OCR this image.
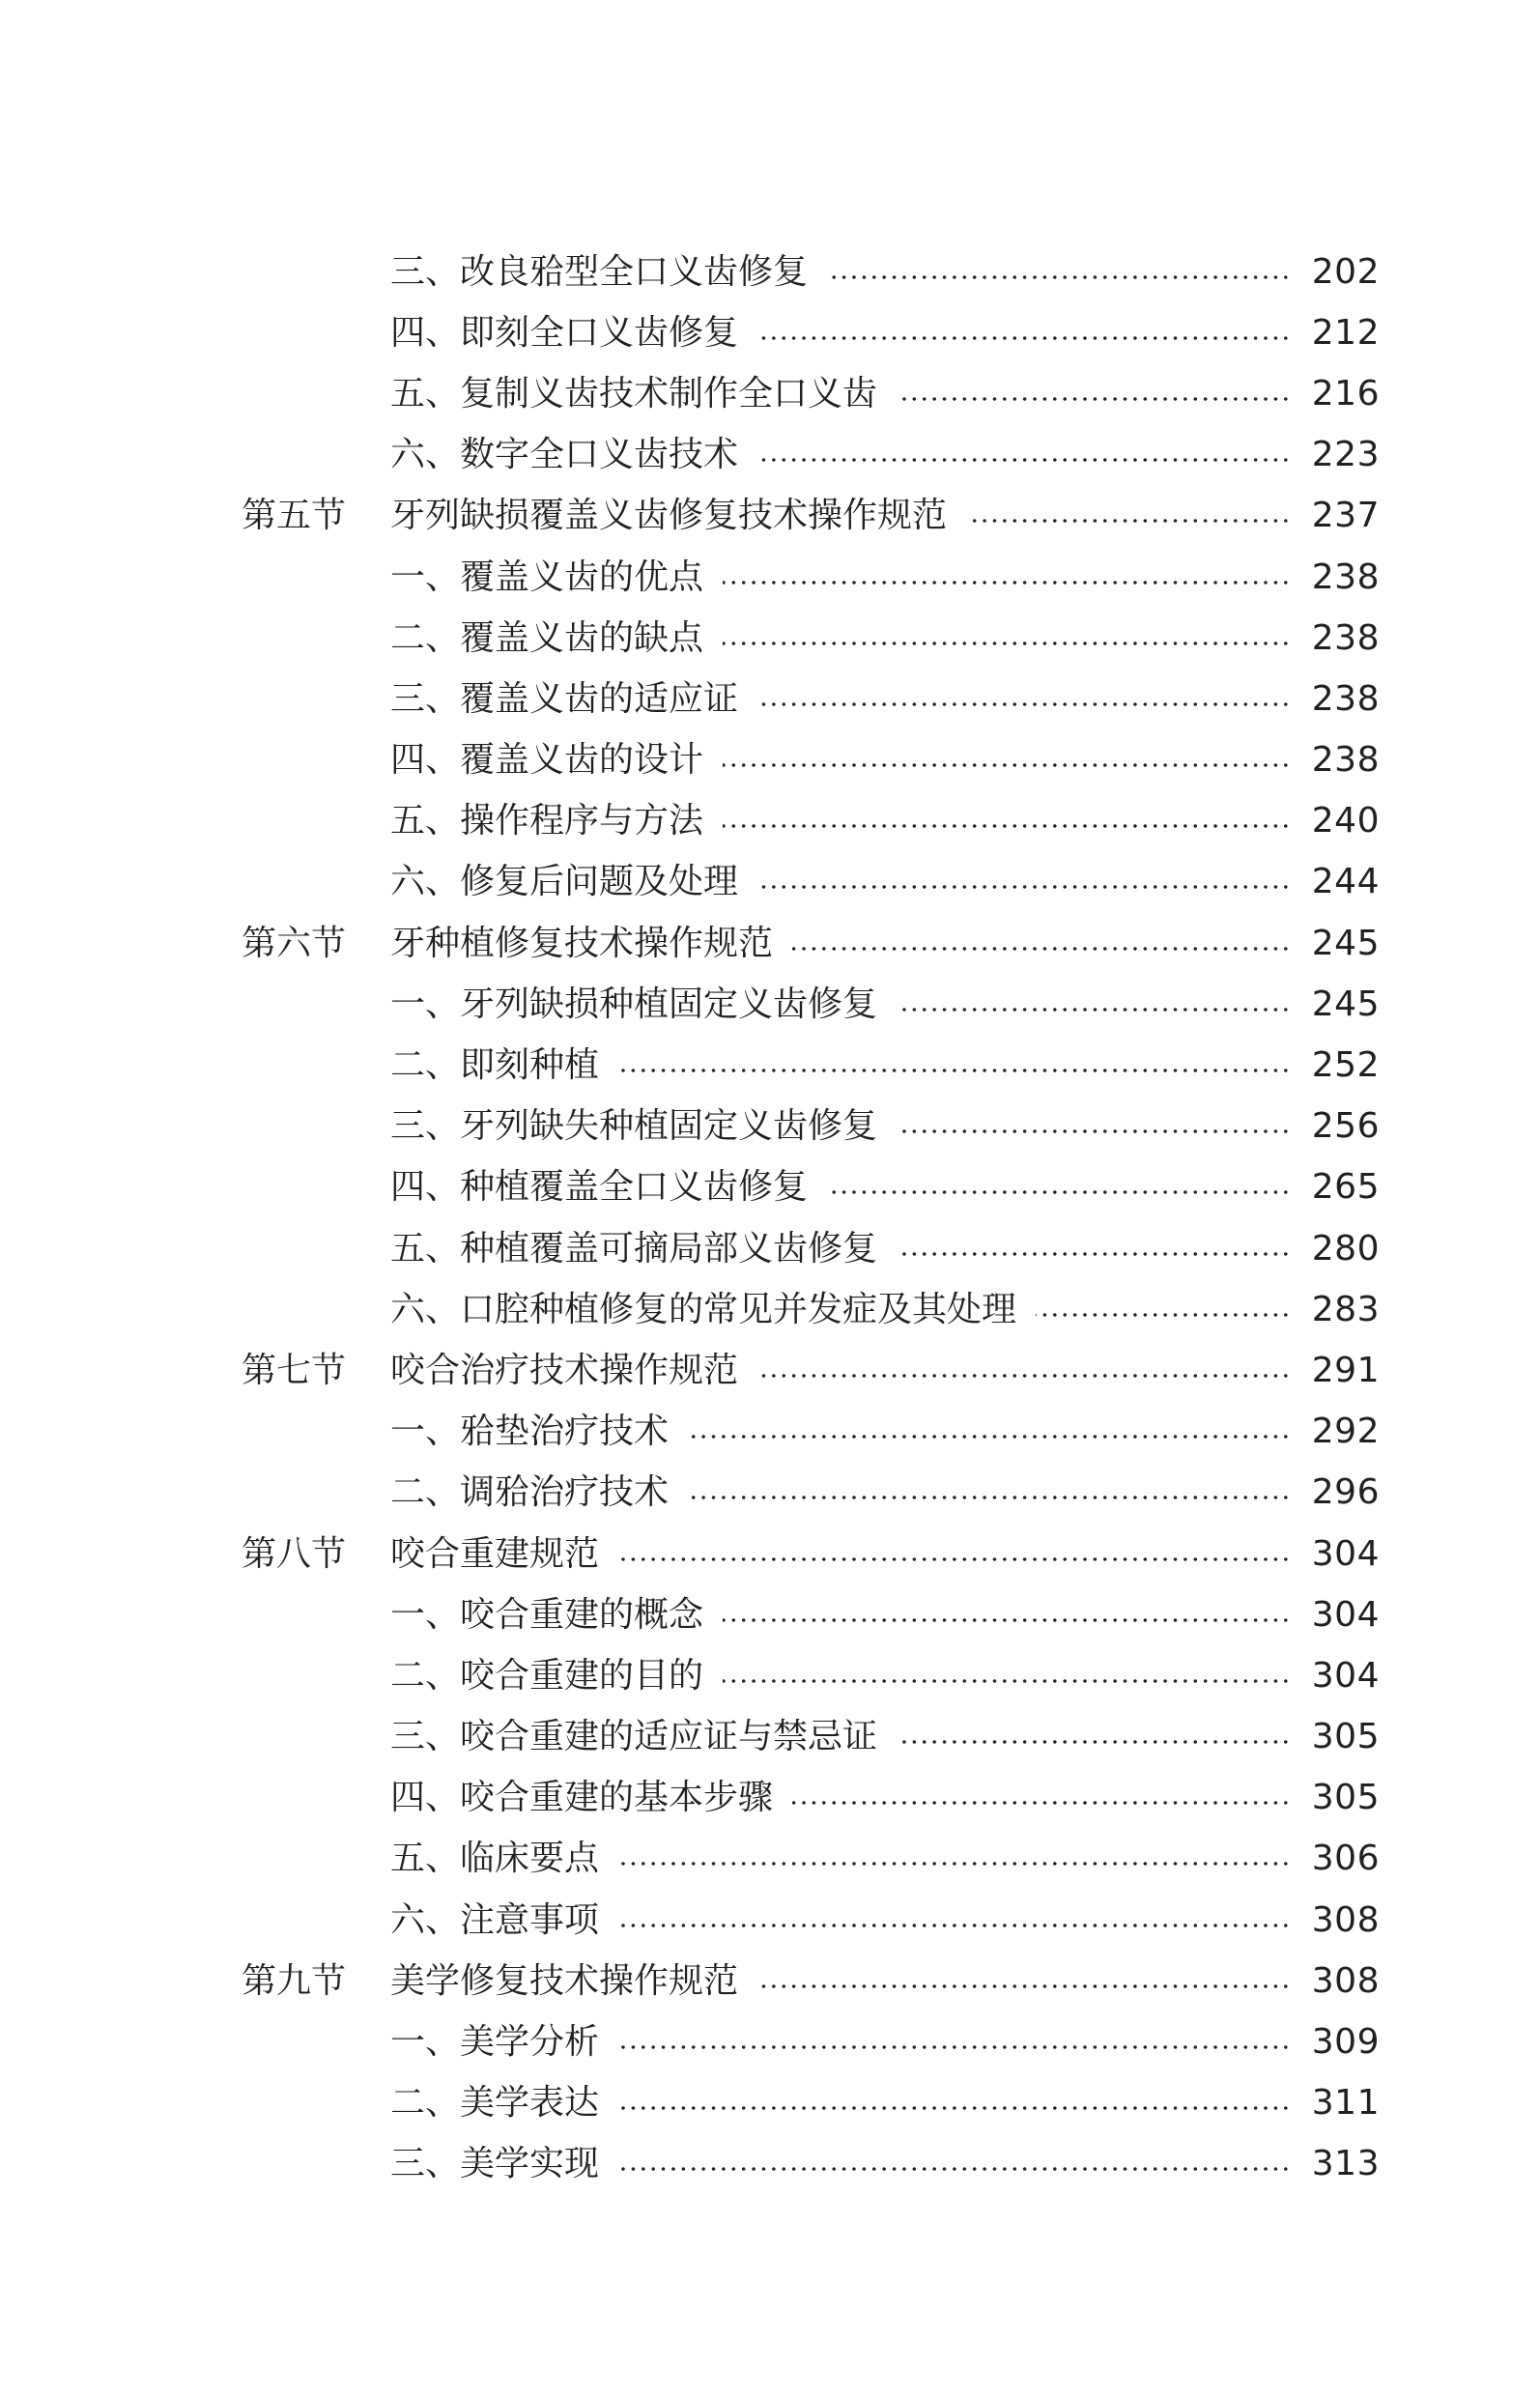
三、改良𬌗型全口义齿修复	202
四、即刻全口义齿修复	212
五、复制义齿技术制作全口义齿	216
六、数字全口义齿技术	223
第五节	牙列缺损覆盖义齿修复技术操作规范	237
一、覆盖义齿的优点	238
二、覆盖义齿的缺点	238
三、覆盖义齿的适应证	238
四、覆盖义齿的设计	238
五、操作程序与方法	240
六、修复后问题及处理	244
第六节	牙种植修复技术操作规范	245
一、牙列缺损种植固定义齿修复	245
二、即刻种植	252
三、牙列缺失种植固定义齿修复	256
四、种植覆盖全口义齿修复	265
五、种植覆盖可摘局部义齿修复	280
六、口腔种植修复的常见并发症及其处理	283
第七节	咬合治疗技术操作规范	291
一、𬌗垫治疗技术	292
二、调𬌗治疗技术	296
第八节	咬合重建规范	304
一、咬合重建的概念	304
二、咬合重建的目的	304
三、咬合重建的适应证与禁忌证	305
四、咬合重建的基本步骤	305
五、临床要点	306
六、注意事项	308
第九节	美学修复技术操作规范	308
一、美学分析	309
二、美学表达	311
三、美学实现	313
